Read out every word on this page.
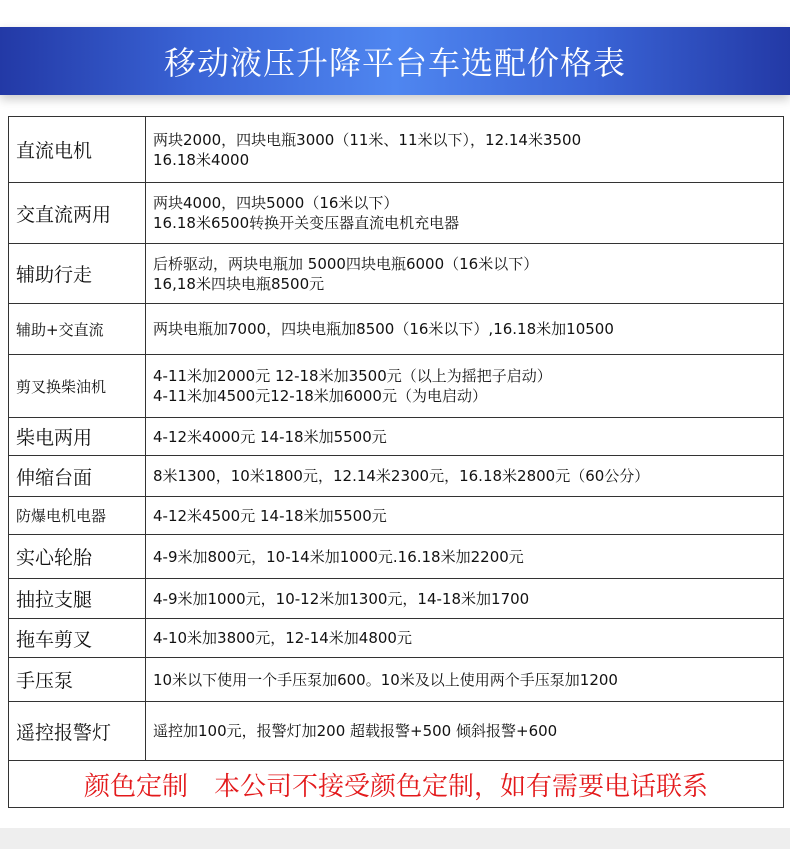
移动液压升降平台车选配价格表
直流电机	两块2000，四块电瓶3000（11米、11米以下），12.14米3500
16.18米4000

交直流两用	两块4000，四块5000（16米以下）
16.18米6500转换开关变压器直流电机充电器

辅助行走	后桥驱动，两块电瓶加 5000四块电瓶6000（16米以下）
16,18米四块电瓶8500元

辅助+交直流	两块电瓶加7000，四块电瓶加8500（16米以下）,16.18米加10500

剪叉换柴油机	4-11米加2000元 12-18米加3500元（以上为摇把子启动）
4-11米加4500元12-18米加6000元（为电启动）

柴电两用	4-12米4000元 14-18米加5500元

伸缩台面	8米1300，10米1800元，12.14米2300元，16.18米2800元（60公分）

防爆电机电器	4-12米4500元 14-18米加5500元

实心轮胎	4-9米加800元，10-14米加1000元.16.18米加2200元

抽拉支腿	4-9米加1000元，10-12米加1300元，14-18米加1700

拖车剪叉	4-10米加3800元，12-14米加4800元

手压泵	10米以下使用一个手压泵加600。10米及以上使用两个手压泵加1200

遥控报警灯	遥控加100元，报警灯加200 超载报警+500 倾斜报警+600
颜色定制 本公司不接受颜色定制，如有需要电话联系
